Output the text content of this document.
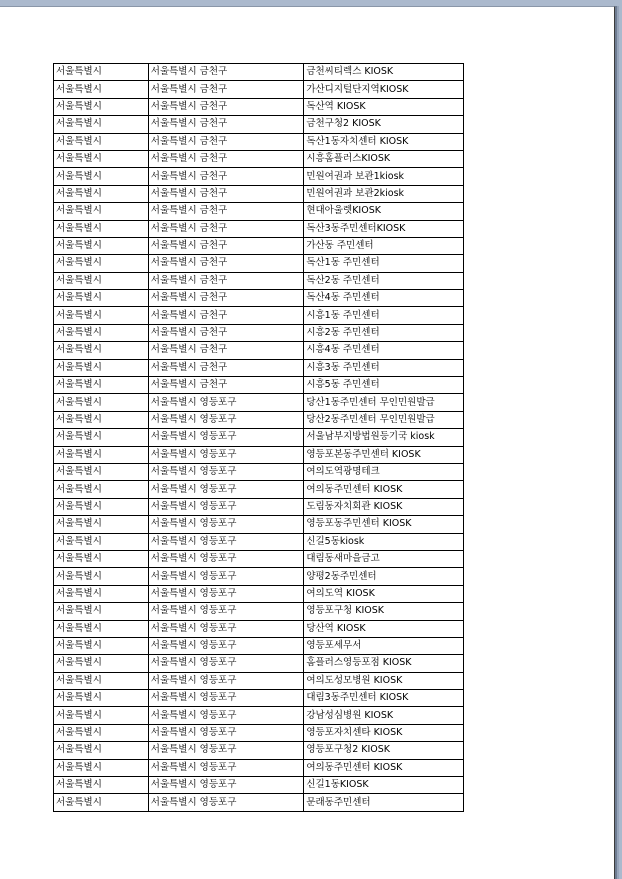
서울특별시	서울특별시 금천구	금천씨티렉스 KIOSK
서울특별시	서울특별시 금천구	가산디지털단지역KIOSK
서울특별시	서울특별시 금천구	독산역 KIOSK
서울특별시	서울특별시 금천구	금천구청2 KIOSK
서울특별시	서울특별시 금천구	독산1동자치센터 KIOSK
서울특별시	서울특별시 금천구	시흥홈플러스KIOSK
서울특별시	서울특별시 금천구	민원여권과 보관1kiosk
서울특별시	서울특별시 금천구	민원여권과 보관2kiosk
서울특별시	서울특별시 금천구	현대아울렛KIOSK
서울특별시	서울특별시 금천구	독산3동주민센터KIOSK
서울특별시	서울특별시 금천구	가산동 주민센터
서울특별시	서울특별시 금천구	독산1동 주민센터
서울특별시	서울특별시 금천구	독산2동 주민센터
서울특별시	서울특별시 금천구	독산4동 주민센터
서울특별시	서울특별시 금천구	시흥1동 주민센터
서울특별시	서울특별시 금천구	시흥2동 주민센터
서울특별시	서울특별시 금천구	시흥4동 주민센터
서울특별시	서울특별시 금천구	시흥3동 주민센터
서울특별시	서울특별시 금천구	시흥5동 주민센터
서울특별시	서울특별시 영등포구	당산1동주민센터 무인민원발급
서울특별시	서울특별시 영등포구	당산2동주민센터 무인민원발급
서울특별시	서울특별시 영등포구	서울남부지방법원등기국 kiosk
서울특별시	서울특별시 영등포구	영등포본동주민센터 KIOSK
서울특별시	서울특별시 영등포구	여의도역광명테크
서울특별시	서울특별시 영등포구	여의동주민센터 KIOSK
서울특별시	서울특별시 영등포구	도림동자치회관 KIOSK
서울특별시	서울특별시 영등포구	영등포동주민센터 KIOSK
서울특별시	서울특별시 영등포구	신길5동kiosk
서울특별시	서울특별시 영등포구	대림동새마을금고
서울특별시	서울특별시 영등포구	양평2동주민센터
서울특별시	서울특별시 영등포구	여의도역 KIOSK
서울특별시	서울특별시 영등포구	영등포구청 KIOSK
서울특별시	서울특별시 영등포구	당산역 KIOSK
서울특별시	서울특별시 영등포구	영등포세무서
서울특별시	서울특별시 영등포구	홈플러스영등포점 KIOSK
서울특별시	서울특별시 영등포구	여의도성모병원 KIOSK
서울특별시	서울특별시 영등포구	대림3동주민센터 KIOSK
서울특별시	서울특별시 영등포구	강남성심병원 KIOSK
서울특별시	서울특별시 영등포구	영등포자치센타 KIOSK
서울특별시	서울특별시 영등포구	영등포구청2 KIOSK
서울특별시	서울특별시 영등포구	여의동주민센터 KIOSK
서울특별시	서울특별시 영등포구	신길1동KIOSK
서울특별시	서울특별시 영등포구	문래동주민센터
